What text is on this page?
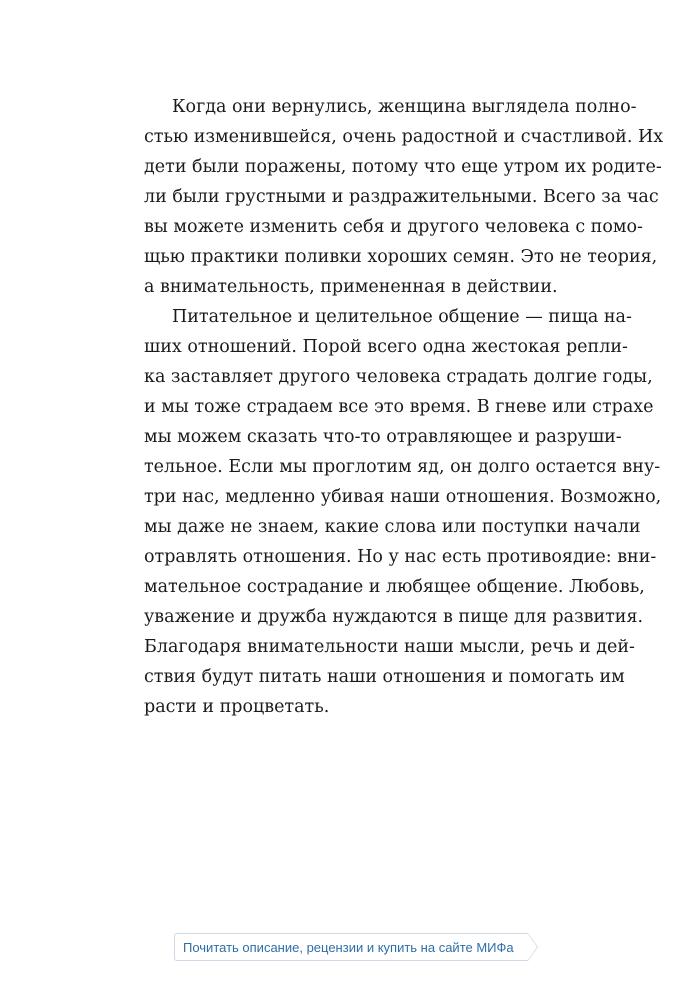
Когда они вернулись, женщина выглядела полно-
стью изменившейся, очень радостной и счастливой. Их
дети были поражены, потому что еще утром их родите-
ли были грустными и раздражительными. Всего за час
вы можете изменить себя и другого человека с помо-
щью практики поливки хороших семян. Это не теория,
а внимательность, примененная в действии.
Питательное и целительное общение — пища на-
ших отношений. Порой всего одна жестокая репли-
ка заставляет другого человека страдать долгие годы,
и мы тоже страдаем все это время. В гневе или страхе
мы можем сказать что-то отравляющее и разруши-
тельное. Если мы проглотим яд, он долго остается вну-
три нас, медленно убивая наши отношения. Возможно,
мы даже не знаем, какие слова или поступки начали
отравлять отношения. Но у нас есть противоядие: вни-
мательное сострадание и любящее общение. Любовь,
уважение и дружба нуждаются в пище для развития.
Благодаря внимательности наши мысли, речь и дей-
ствия будут питать наши отношения и помогать им
расти и процветать.
Почитать описание, рецензии и купить на сайте МИФа
